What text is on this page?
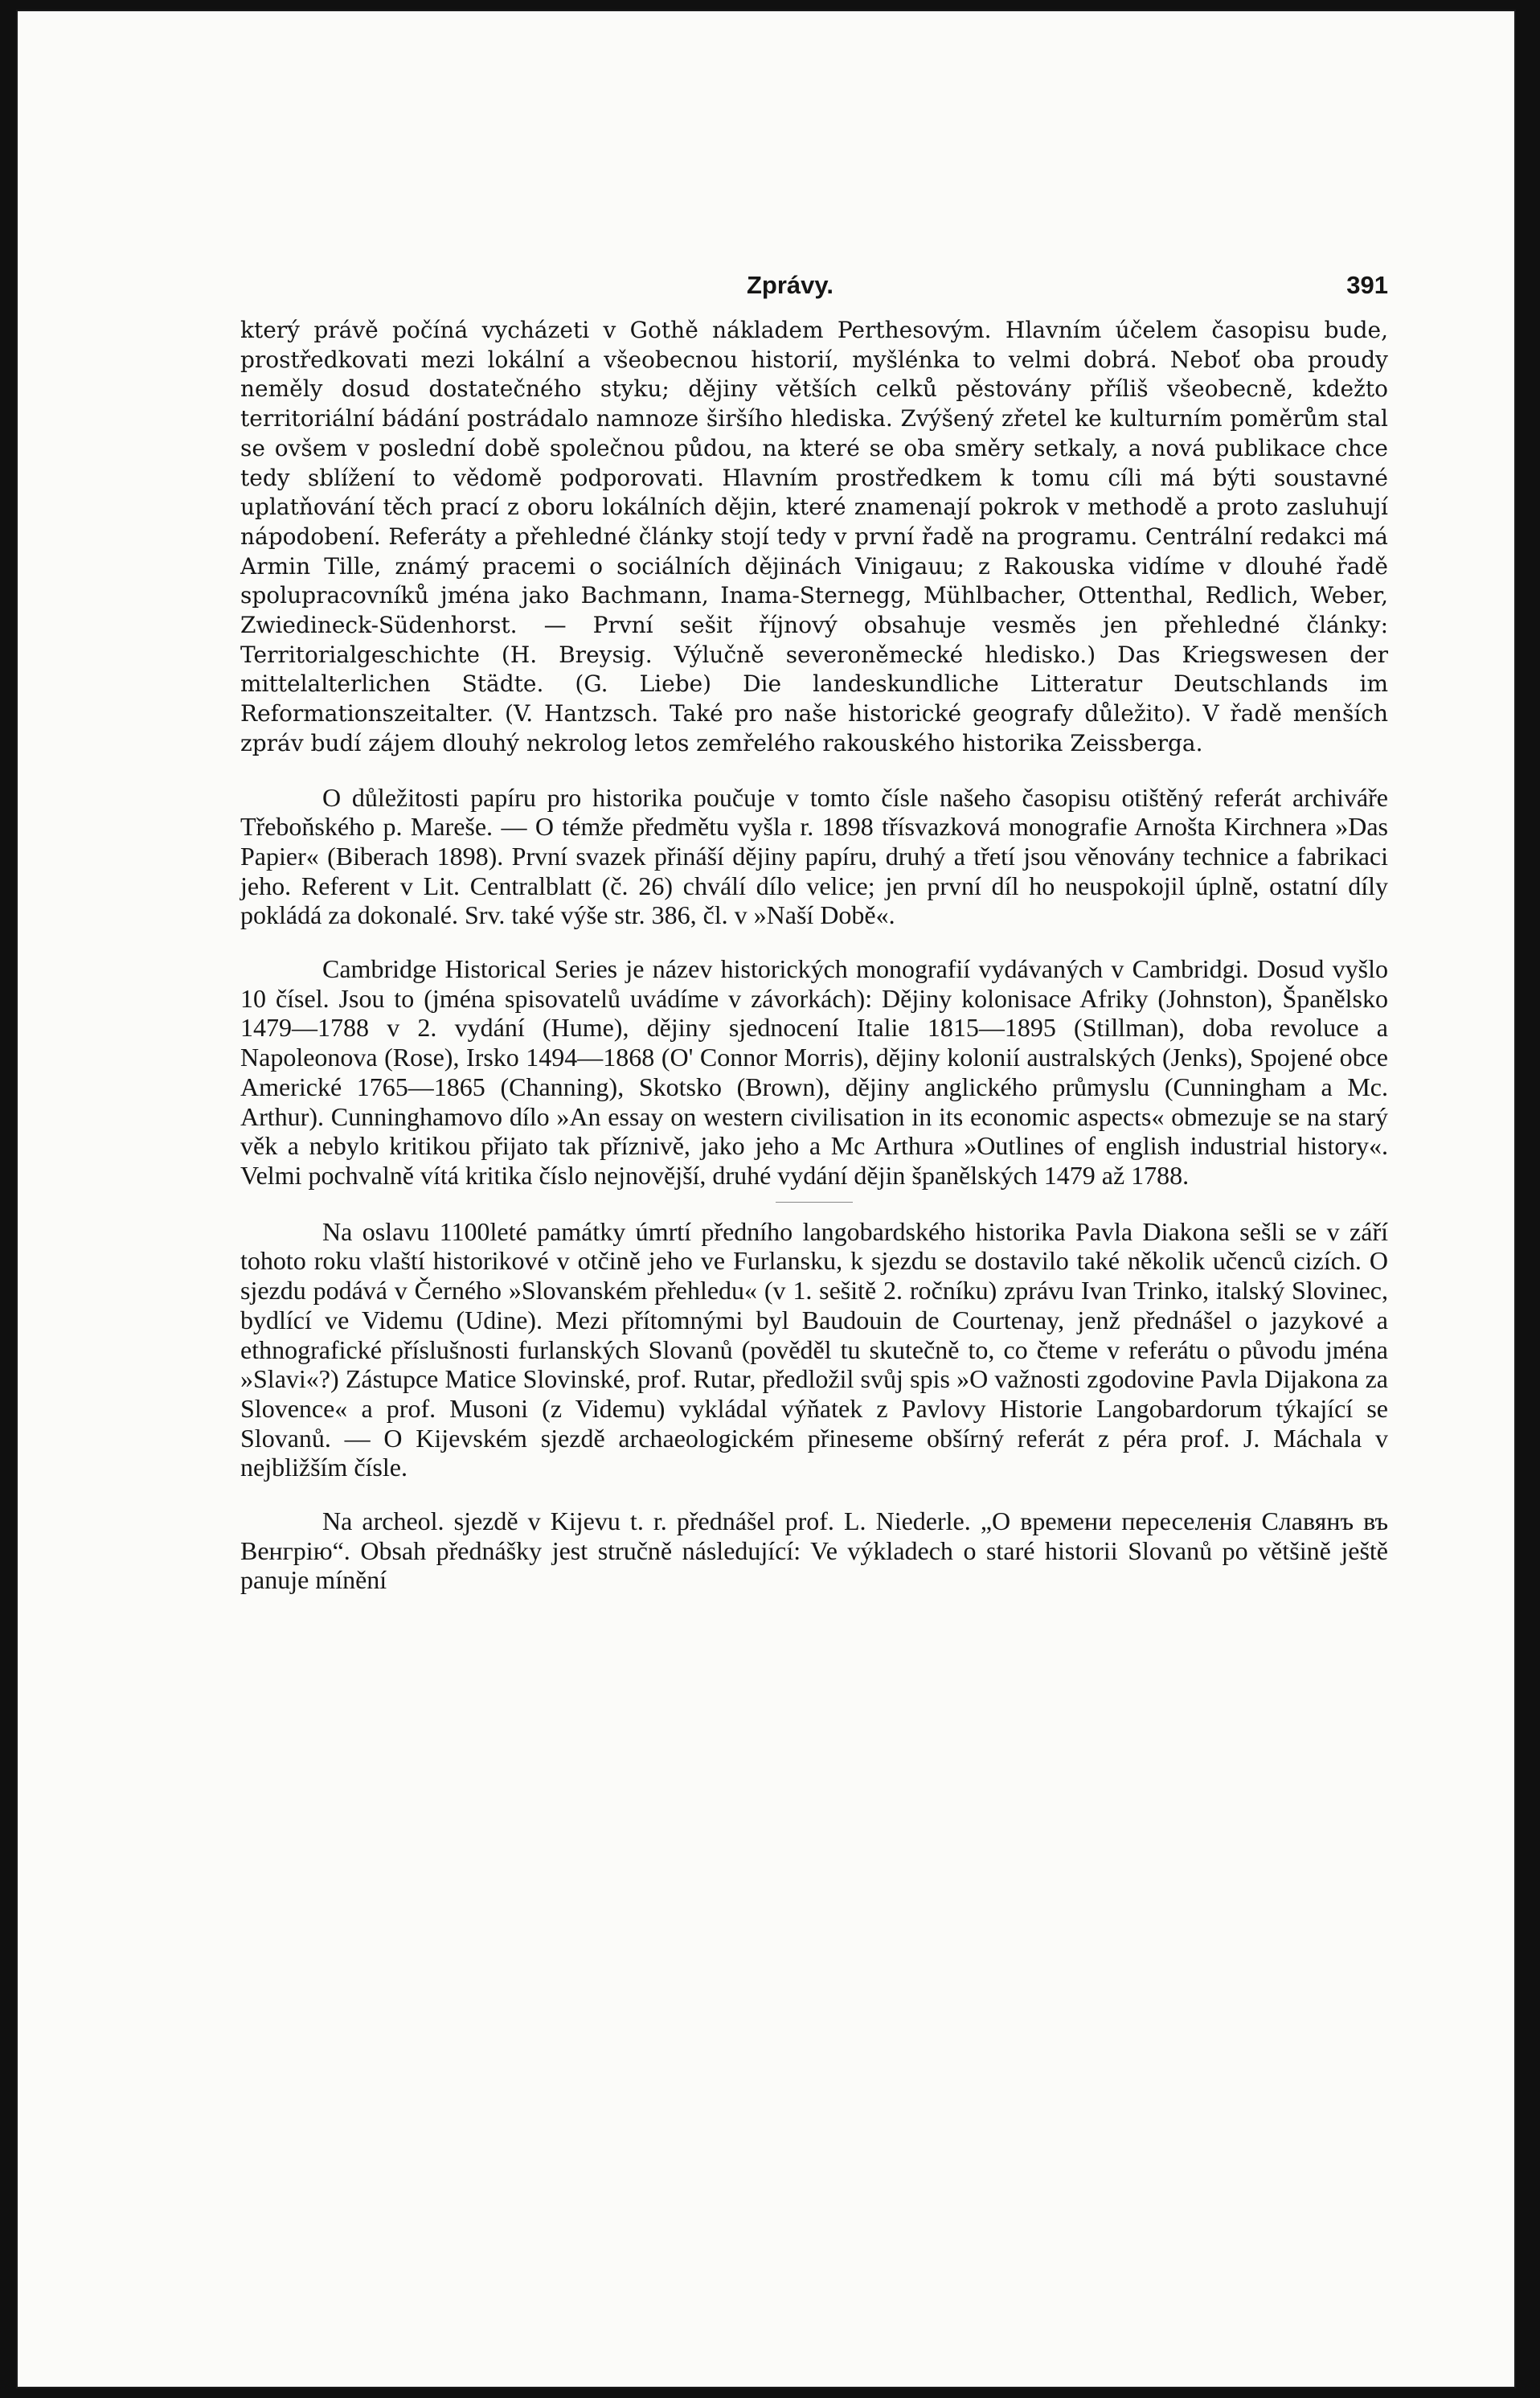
Zprávy.	391

který právě počíná vycházeti v Gothě nákladem Perthesovým. Hlavním účelem časopisu bude, prostředkovati mezi lokální a všeobecnou historií, myšlénka to velmi dobrá. Neboť oba proudy neměly dosud dostatečného styku; dějiny větších celků pěstovány příliš všeobecně, kdežto territoriální bádání postrádalo namnoze širšího hlediska. Zvýšený zřetel ke kulturním poměrům stal se ovšem v poslední době společnou půdou, na které se oba směry setkaly, a nová publikace chce tedy sblížení to vědomě podporovati. Hlavním prostředkem k tomu cíli má býti soustavné uplatňování těch prací z oboru lokálních dějin, které znamenají pokrok v methodě a proto zasluhují nápodobení. Referáty a přehledné články stojí tedy v první řadě na programu. Centrální redakci má Armin Tille, známý pracemi o sociálních dějinách Vinigauu; z Rakouska vidíme v dlouhé řadě spolupracovníků jména jako Bachmann, Inama-Sternegg, Mühlbacher, Ottenthal, Redlich, Weber, Zwiedineck-Südenhorst. — První sešit říjnový obsahuje vesměs jen přehledné články: Territorialgeschichte (H. Breysig. Výlučně severoněmecké hledisko.) Das Kriegswesen der mittelalterlichen Städte. (G. Liebe) Die landeskundliche Litteratur Deutschlands im Reformationszeitalter. (V. Hantzsch. Také pro naše historické geografy důležito). V řadě menších zpráv budí zájem dlouhý nekrolog letos zemřelého rakouského historika Zeissberga.

O důležitosti papíru pro historika poučuje v tomto čísle našeho časopisu otištěný referát archiváře Třeboňského p. Mareše. — O témže předmětu vyšla r. 1898 třísvazková monografie Arnošta Kirchnera »Das Papier« (Biberach 1898). První svazek přináší dějiny papíru, druhý a třetí jsou věnovány technice a fabrikaci jeho. Referent v Lit. Centralblatt (č. 26) chválí dílo velice; jen první díl ho neuspokojil úplně, ostatní díly pokládá za dokonalé. Srv. také výše str. 386, čl. v »Naší Době«.

Cambridge Historical Series je název historických monografií vydávaných v Cambridgi. Dosud vyšlo 10 čísel. Jsou to (jména spisovatelů uvádíme v závorkách): Dějiny kolonisace Afriky (Johnston), Španělsko 1479—1788 v 2. vydání (Hume), dějiny sjednocení Italie 1815—1895 (Stillman), doba revoluce a Napoleonova (Rose), Irsko 1494—1868 (O' Connor Morris), dějiny kolonií australských (Jenks), Spojené obce Americké 1765—1865 (Channing), Skotsko (Brown), dějiny anglického průmyslu (Cunningham a Mc. Arthur). Cunninghamovo dílo »An essay on western civilisation in its economic aspects« obmezuje se na starý věk a nebylo kritikou přijato tak příznivě, jako jeho a Mc Arthura »Outlines of english industrial history«. Velmi pochvalně vítá kritika číslo nejnovější, druhé vydání dějin španělských 1479 až 1788.

Na oslavu 1100leté památky úmrtí předního langobardského historika Pavla Diakona sešli se v září tohoto roku vlaští historikové v otčině jeho ve Furlansku, k sjezdu se dostavilo také několik učenců cizích. O sjezdu podává v Černého »Slovanském přehledu« (v 1. sešitě 2. ročníku) zprávu Ivan Trinko, italský Slovinec, bydlící ve Videmu (Udine). Mezi přítomnými byl Baudouin de Courtenay, jenž přednášel o jazykové a ethnografické příslušnosti furlanských Slovanů (pověděl tu skutečně to, co čteme v referátu o původu jména »Slavi«?) Zástupce Matice Slovinské, prof. Rutar, předložil svůj spis »O važnosti zgodovine Pavla Dijakona za Slovence« a prof. Musoni (z Videmu) vykládal výňatek z Pavlovy Historie Langobardorum týkající se Slovanů. — O Kijevském sjezdě archaeologickém přineseme obšírný referát z péra prof. J. Máchala v nejbližším čísle.

Na archeol. sjezdě v Kijevu t. r. přednášel prof. L. Niederle. „О времени переселенія Славянъ въ Венгрію“. Obsah přednášky jest stručně následující: Ve výkladech o staré historii Slovanů po většině ještě panuje mínění
